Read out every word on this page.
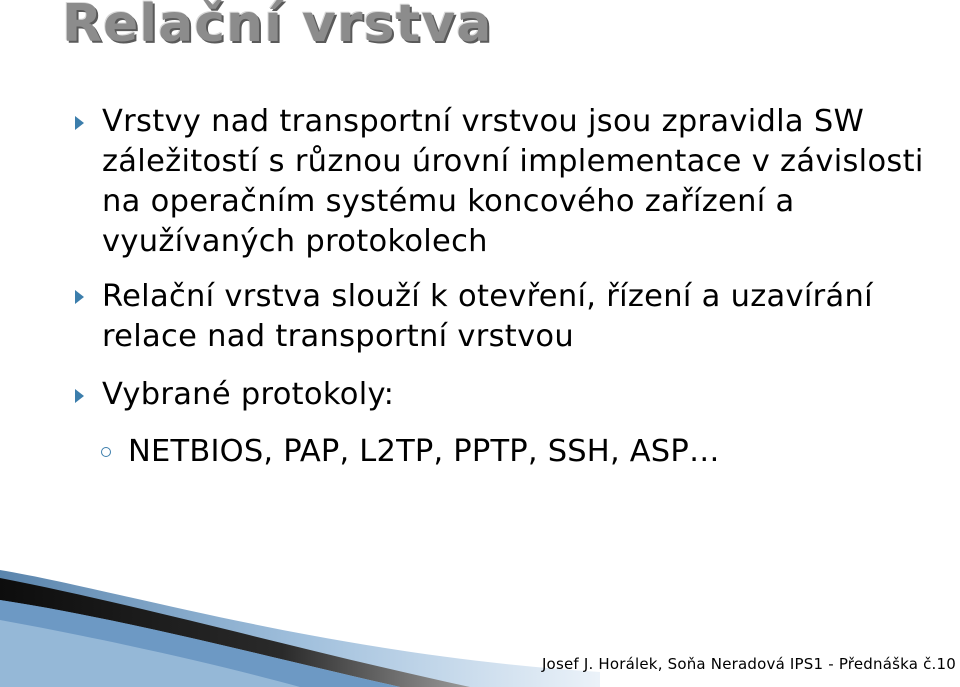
Relační vrstva
Vrstvy nad transportní vrstvou jsou zpravidla SW záležitostí s různou úrovní implementace v závislosti na operačním systému koncového zařízení a využívaných protokolech
Relační vrstva slouží k otevření, řízení a uzavírání relace nad transportní vrstvou
Vybrané protokoly:
NETBIOS, PAP, L2TP, PPTP, SSH, ASP…
Josef J. Horálek, Soňa Neradová IPS1 - Přednáška č.10
